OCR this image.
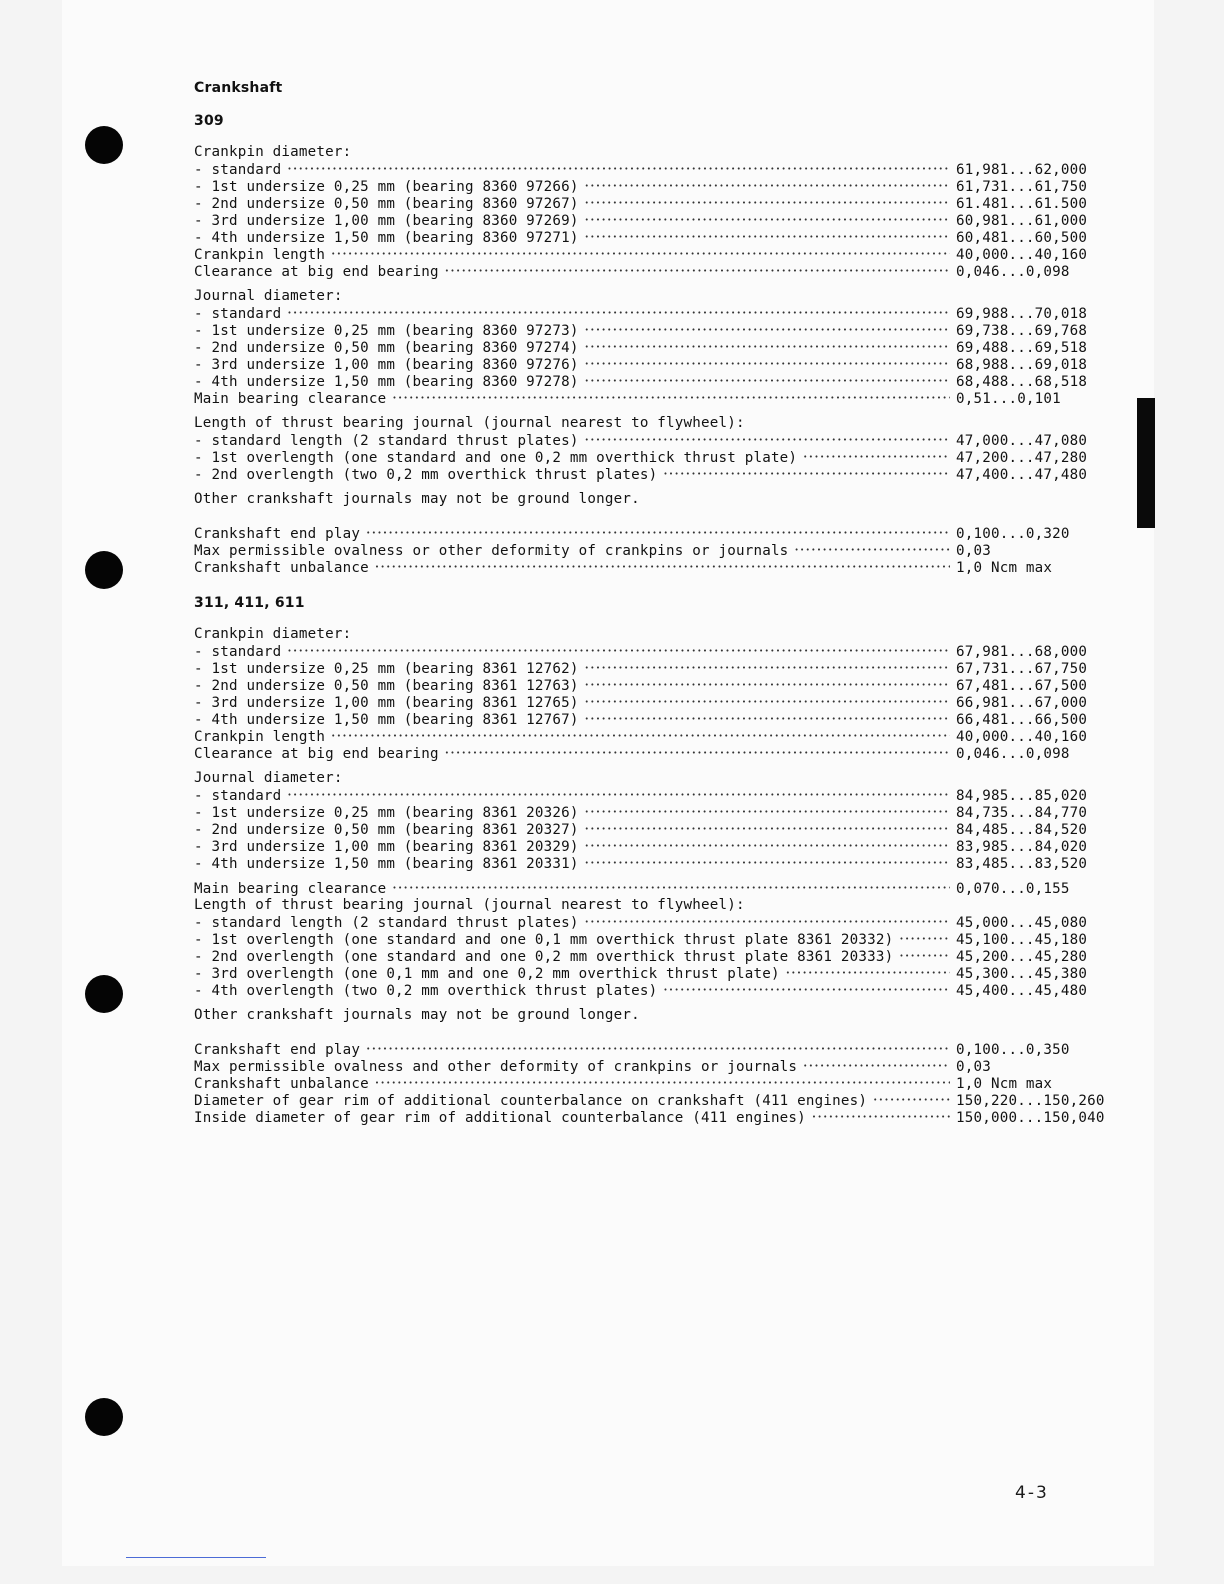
Crankshaft
309
Crankpin diameter:
- standard •••••	61,981...62,000
- 1st undersize 0,25 mm (bearing 8360 97266) •••••	61,731...61,750
- 2nd undersize 0,50 mm (bearing 8360 97267) •••••	61.481...61.500
- 3rd undersize 1,00 mm (bearing 8360 97269) •••••	60,981...61,000
- 4th undersize 1,50 mm (bearing 8360 97271) •••••	60,481...60,500
Crankpin length •••••	40,000...40,160
Clearance at big end bearing •••••	0,046...0,098
Journal diameter:
- standard •••••	69,988...70,018
- 1st undersize 0,25 mm (bearing 8360 97273) •••••	69,738...69,768
- 2nd undersize 0,50 mm (bearing 8360 97274) •••••	69,488...69,518
- 3rd undersize 1,00 mm (bearing 8360 97276) •••••	68,988...69,018
- 4th undersize 1,50 mm (bearing 8360 97278) •••••	68,488...68,518
Main bearing clearance •••••	0,51...0,101
Length of thrust bearing journal (journal nearest to flywheel):
- standard length (2 standard thrust plates) •••••	47,000...47,080
- 1st overlength (one standard and one 0,2 mm overthick thrust plate) •••••	47,200...47,280
- 2nd overlength (two 0,2 mm overthick thrust plates) •••••	47,400...47,480
Other crankshaft journals may not be ground longer.
Crankshaft end play •••••	0,100...0,320
Max permissible ovalness or other deformity of crankpins or journals •••••	0,03
Crankshaft unbalance •••••	1,0 Ncm max
311, 411, 611
Crankpin diameter:
- standard •••••	67,981...68,000
- 1st undersize 0,25 mm (bearing 8361 12762) •••••	67,731...67,750
- 2nd undersize 0,50 mm (bearing 8361 12763) •••••	67,481...67,500
- 3rd undersize 1,00 mm (bearing 8361 12765) •••••	66,981...67,000
- 4th undersize 1,50 mm (bearing 8361 12767) •••••	66,481...66,500
Crankpin length •••••	40,000...40,160
Clearance at big end bearing •••••	0,046...0,098
Journal diameter:
- standard •••••	84,985...85,020
- 1st undersize 0,25 mm (bearing 8361 20326) •••••	84,735...84,770
- 2nd undersize 0,50 mm (bearing 8361 20327) •••••	84,485...84,520
- 3rd undersize 1,00 mm (bearing 8361 20329) •••••	83,985...84,020
- 4th undersize 1,50 mm (bearing 8361 20331) •••••	83,485...83,520
Main bearing clearance •••••	0,070...0,155
Length of thrust bearing journal (journal nearest to flywheel):
- standard length (2 standard thrust plates) •••••	45,000...45,080
- 1st overlength (one standard and one 0,1 mm overthick thrust plate 8361 20332) •••••	45,100...45,180
- 2nd overlength (one standard and one 0,2 mm overthick thrust plate 8361 20333) •••••	45,200...45,280
- 3rd overlength (one 0,1 mm and one 0,2 mm overthick thrust plate) •••••	45,300...45,380
- 4th overlength (two 0,2 mm overthick thrust plates) •••••	45,400...45,480
Other crankshaft journals may not be ground longer.
Crankshaft end play •••••	0,100...0,350
Max permissible ovalness and other deformity of crankpins or journals •••••	0,03
Crankshaft unbalance •••••	1,0 Ncm max
Diameter of gear rim of additional counterbalance on crankshaft (411 engines) •••••	150,220...150,260
Inside diameter of gear rim of additional counterbalance (411 engines) •••••	150,000...150,040
4-3
